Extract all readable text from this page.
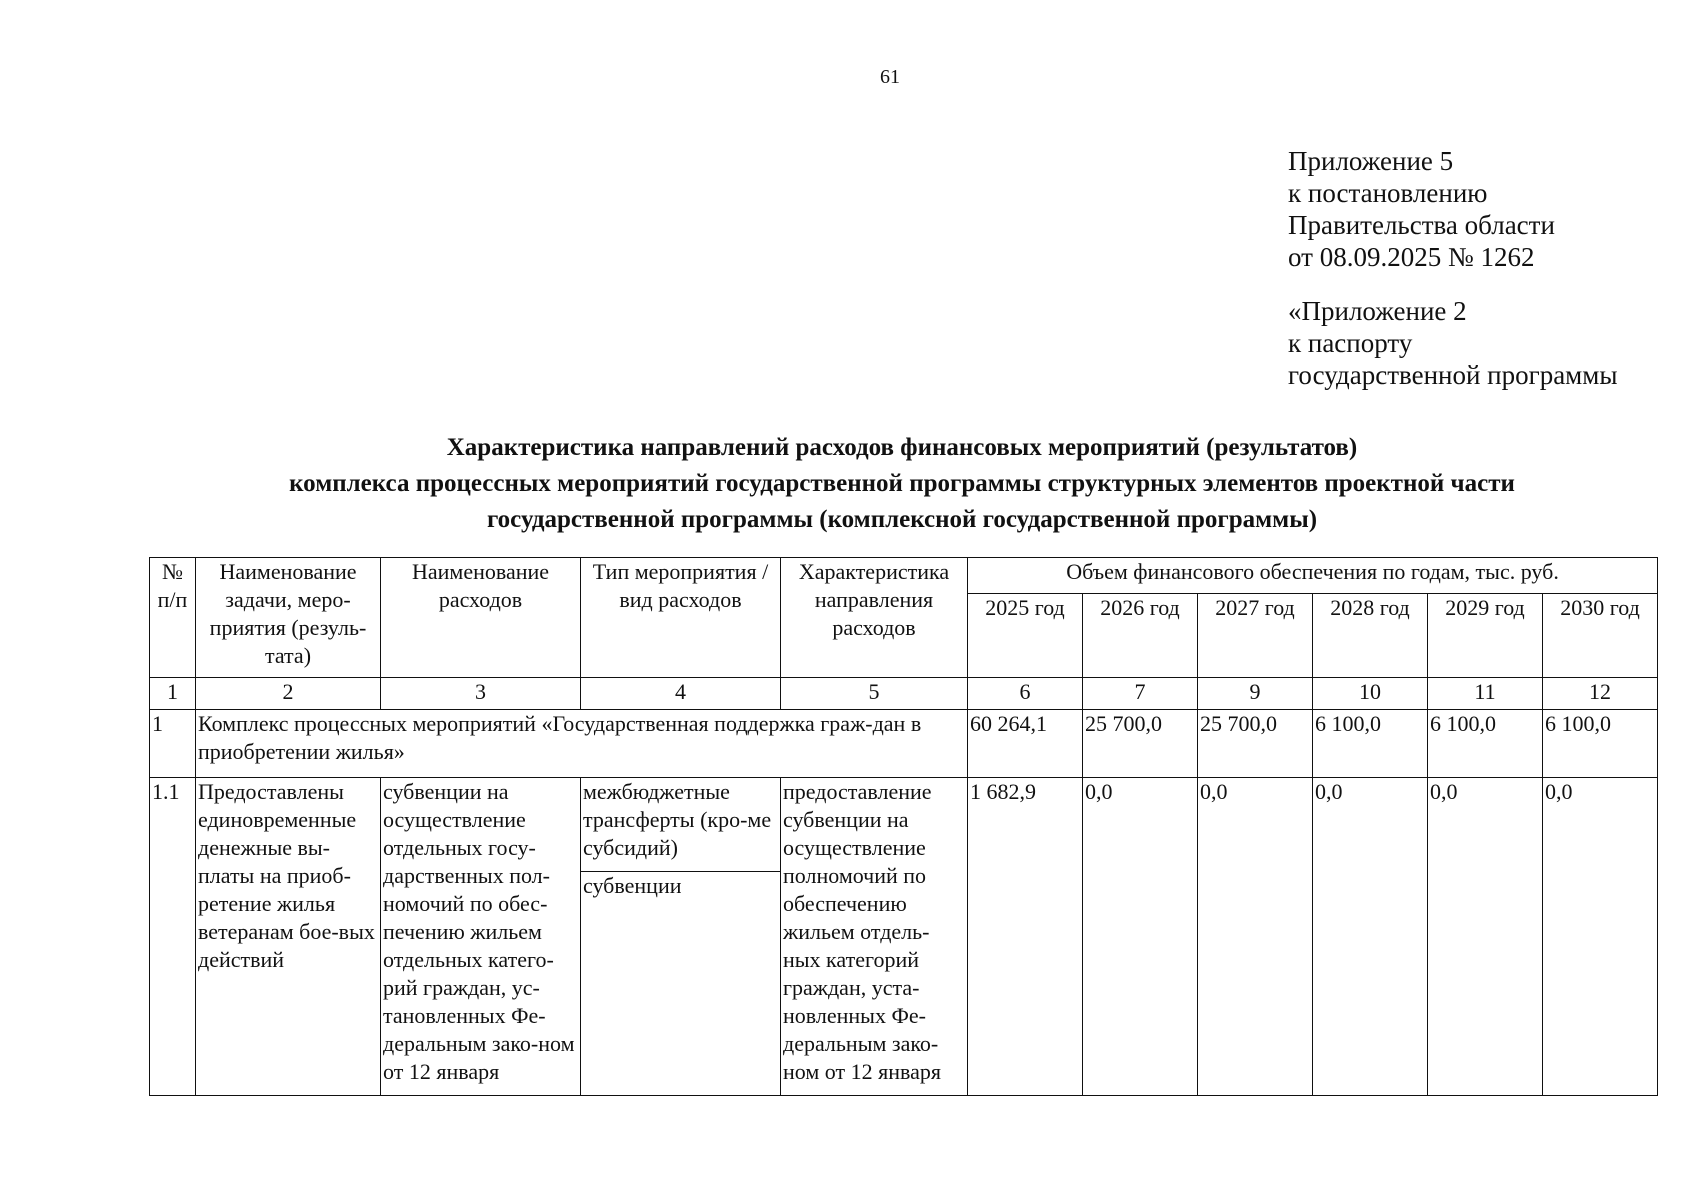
61
Приложение 5
к постановлению
Правительства области
от 08.09.2025 № 1262
«Приложение 2
к паспорту
государственной программы
Характеристика направлений расходов финансовых мероприятий (результатов)
комплекса процессных мероприятий государственной программы структурных элементов проектной части
государственной программы (комплексной государственной программы)
№ п/п	Наименование задачи, меро-приятия (резуль-тата)	Наименование расходов	Тип мероприятия / вид расходов	Характеристика направления расходов	Объем финансового обеспечения по годам, тыс. руб.					
					2025 год	2026 год	2027 год	2028 год	2029 год	2030 год
1	2	3	4	5	6	7	9	10	11	12
1	Комплекс процессных мероприятий «Государственная поддержка граж-дан в приобретении жилья»				60 264,1	25 700,0	25 700,0	6 100,0	6 100,0	6 100,0
1.1	Предоставлены единовременные денежные вы-платы на приоб-ретение жилья ветеранам бое-вых действий	субвенции на осуществление отдельных госу-дарственных пол-номочий по обес-печению жильем отдельных катего-рий граждан, ус-тановленных Фе-деральным зако-ном от 12 января	межбюджетные трансферты (кро-ме субсидий)	предоставление субвенции на осуществление полномочий по обеспечению жильем отдель-ных категорий граждан, уста-новленных Фе-деральным зако-ном от 12 января	1 682,9	0,0	0,0	0,0	0,0	0,0
			субвенции							
